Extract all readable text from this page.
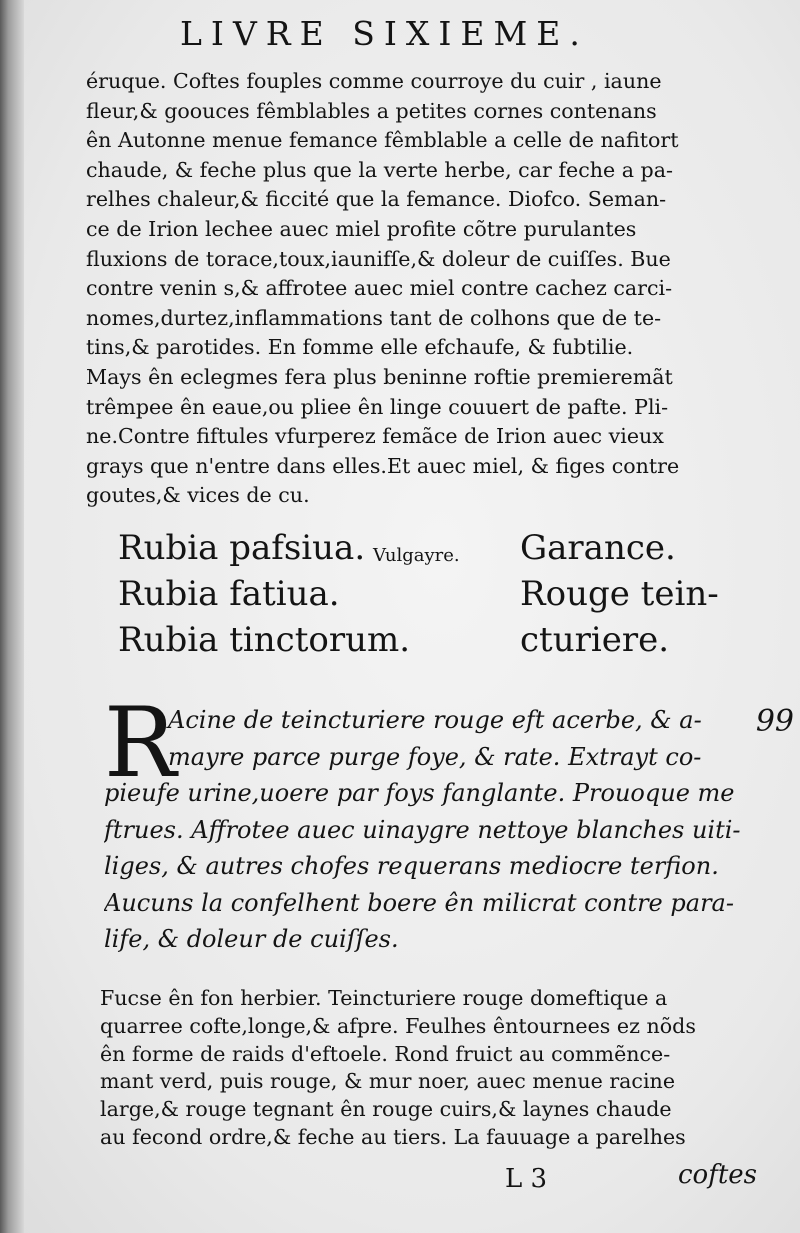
LIVRE SIXIEME.
éruque. Coftes fouples comme courroye du cuir , iaune
fleur,& goouces fêmblables a petites cornes contenans
ên Autonne menue femance fêmblable a celle de nafitort
chaude, & feche plus que la verte herbe, car feche a pa-
relhes chaleur,& ficcité que la femance. Diofco. Seman-
ce de Irion lechee auec miel profite cõtre purulantes
fluxions de torace,toux,iaunifſe,& doleur de cuiſſes. Bue
contre venin s,& affrotee auec miel contre cachez carci-
nomes,durtez,inflammations tant de colhons que de te-
tins,& parotides. En fomme elle efchaufe, & fubtilie.
Mays ên eclegmes fera plus beninne roftie premieremãt
trêmpee ên eaue,ou pliee ên linge couuert de pafte. Pli-
ne.Contre fiftules vfurperez femãce de Irion auec vieux
grays que n'entre dans elles.Et auec miel, & figes contre
goutes,& vices de cu.
Rubia pafsiua.
Rubia fatiua.
Rubia tinctorum.
Vulgayre. Garance.
Rouge tein-
cturiere.
R	99
Acine de teincturiere rouge eft acerbe, & a-
mayre parce purge foye, & rate. Extrayt co-
pieufe urine,uoere par foys fanglante. Prouoque me
ftrues. Affrotee auec uinaygre nettoye blanches uiti-
liges, & autres chofes requerans mediocre terfion.
Aucuns la confelhent boere ên milicrat contre para-
life, & doleur de cuiſſes.
Fucse ên fon herbier. Teincturiere rouge domeftique a
quarree cofte,longe,& afpre. Feulhes êntournees ez nõds
ên forme de raids d'eftoele. Rond fruict au commẽnce-
mant verd, puis rouge, & mur noer, auec menue racine
large,& rouge tegnant ên rouge cuirs,& laynes chaude
au fecond ordre,& feche au tiers. La fauuage a parelhes
L 3	coftes
